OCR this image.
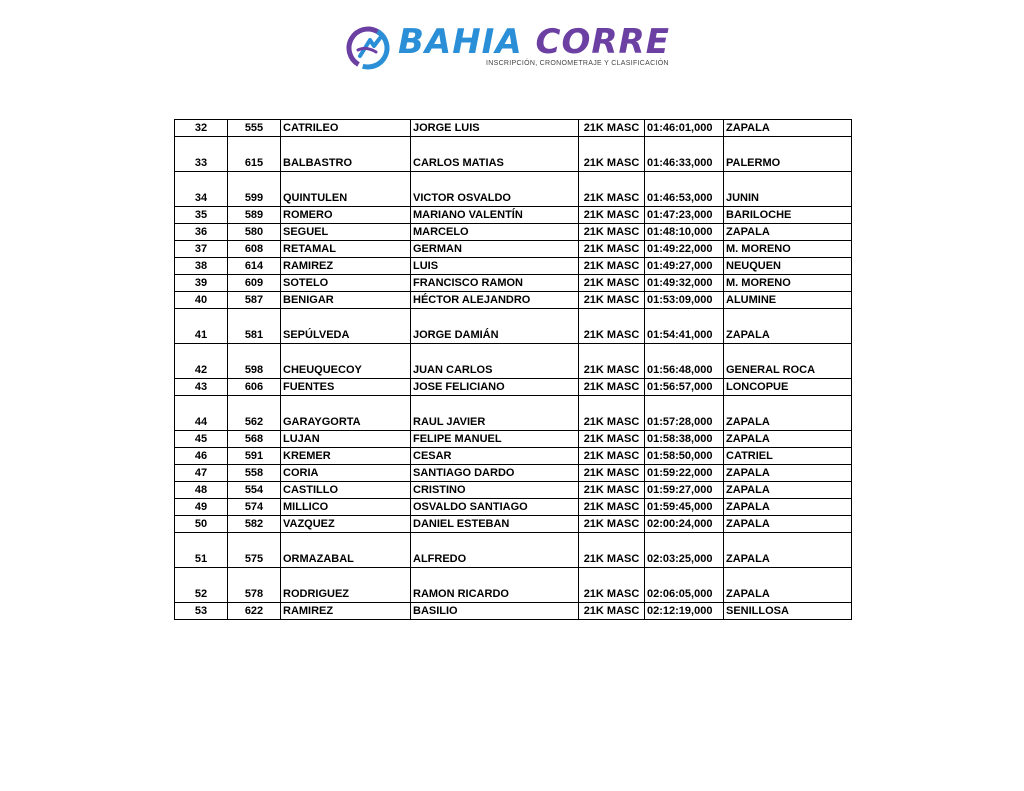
BAHIA CORRE
INSCRIPCIÓN, CRONOMETRAJE Y CLASIFICACIÓN
32	555	CATRILEO	JORGE LUIS	21K MASC	01:46:01,000	ZAPALA
33	615	BALBASTRO	CARLOS MATIAS	21K MASC	01:46:33,000	PALERMO
34	599	QUINTULEN	VICTOR OSVALDO	21K MASC	01:46:53,000	JUNIN
35	589	ROMERO	MARIANO VALENTÍN	21K MASC	01:47:23,000	BARILOCHE
36	580	SEGUEL	MARCELO	21K MASC	01:48:10,000	ZAPALA
37	608	RETAMAL	GERMAN	21K MASC	01:49:22,000	M. MORENO
38	614	RAMIREZ	LUIS	21K MASC	01:49:27,000	NEUQUEN
39	609	SOTELO	FRANCISCO RAMON	21K MASC	01:49:32,000	M. MORENO
40	587	BENIGAR	HÉCTOR ALEJANDRO	21K MASC	01:53:09,000	ALUMINE
41	581	SEPÚLVEDA	JORGE DAMIÁN	21K MASC	01:54:41,000	ZAPALA
42	598	CHEUQUECOY	JUAN CARLOS	21K MASC	01:56:48,000	GENERAL ROCA
43	606	FUENTES	JOSE FELICIANO	21K MASC	01:56:57,000	LONCOPUE
44	562	GARAYGORTA	RAUL JAVIER	21K MASC	01:57:28,000	ZAPALA
45	568	LUJAN	FELIPE MANUEL	21K MASC	01:58:38,000	ZAPALA
46	591	KREMER	CESAR	21K MASC	01:58:50,000	CATRIEL
47	558	CORIA	SANTIAGO DARDO	21K MASC	01:59:22,000	ZAPALA
48	554	CASTILLO	CRISTINO	21K MASC	01:59:27,000	ZAPALA
49	574	MILLICO	OSVALDO SANTIAGO	21K MASC	01:59:45,000	ZAPALA
50	582	VAZQUEZ	DANIEL ESTEBAN	21K MASC	02:00:24,000	ZAPALA
51	575	ORMAZABAL	ALFREDO	21K MASC	02:03:25,000	ZAPALA
52	578	RODRIGUEZ	RAMON RICARDO	21K MASC	02:06:05,000	ZAPALA
53	622	RAMIREZ	BASILIO	21K MASC	02:12:19,000	SENILLOSA
